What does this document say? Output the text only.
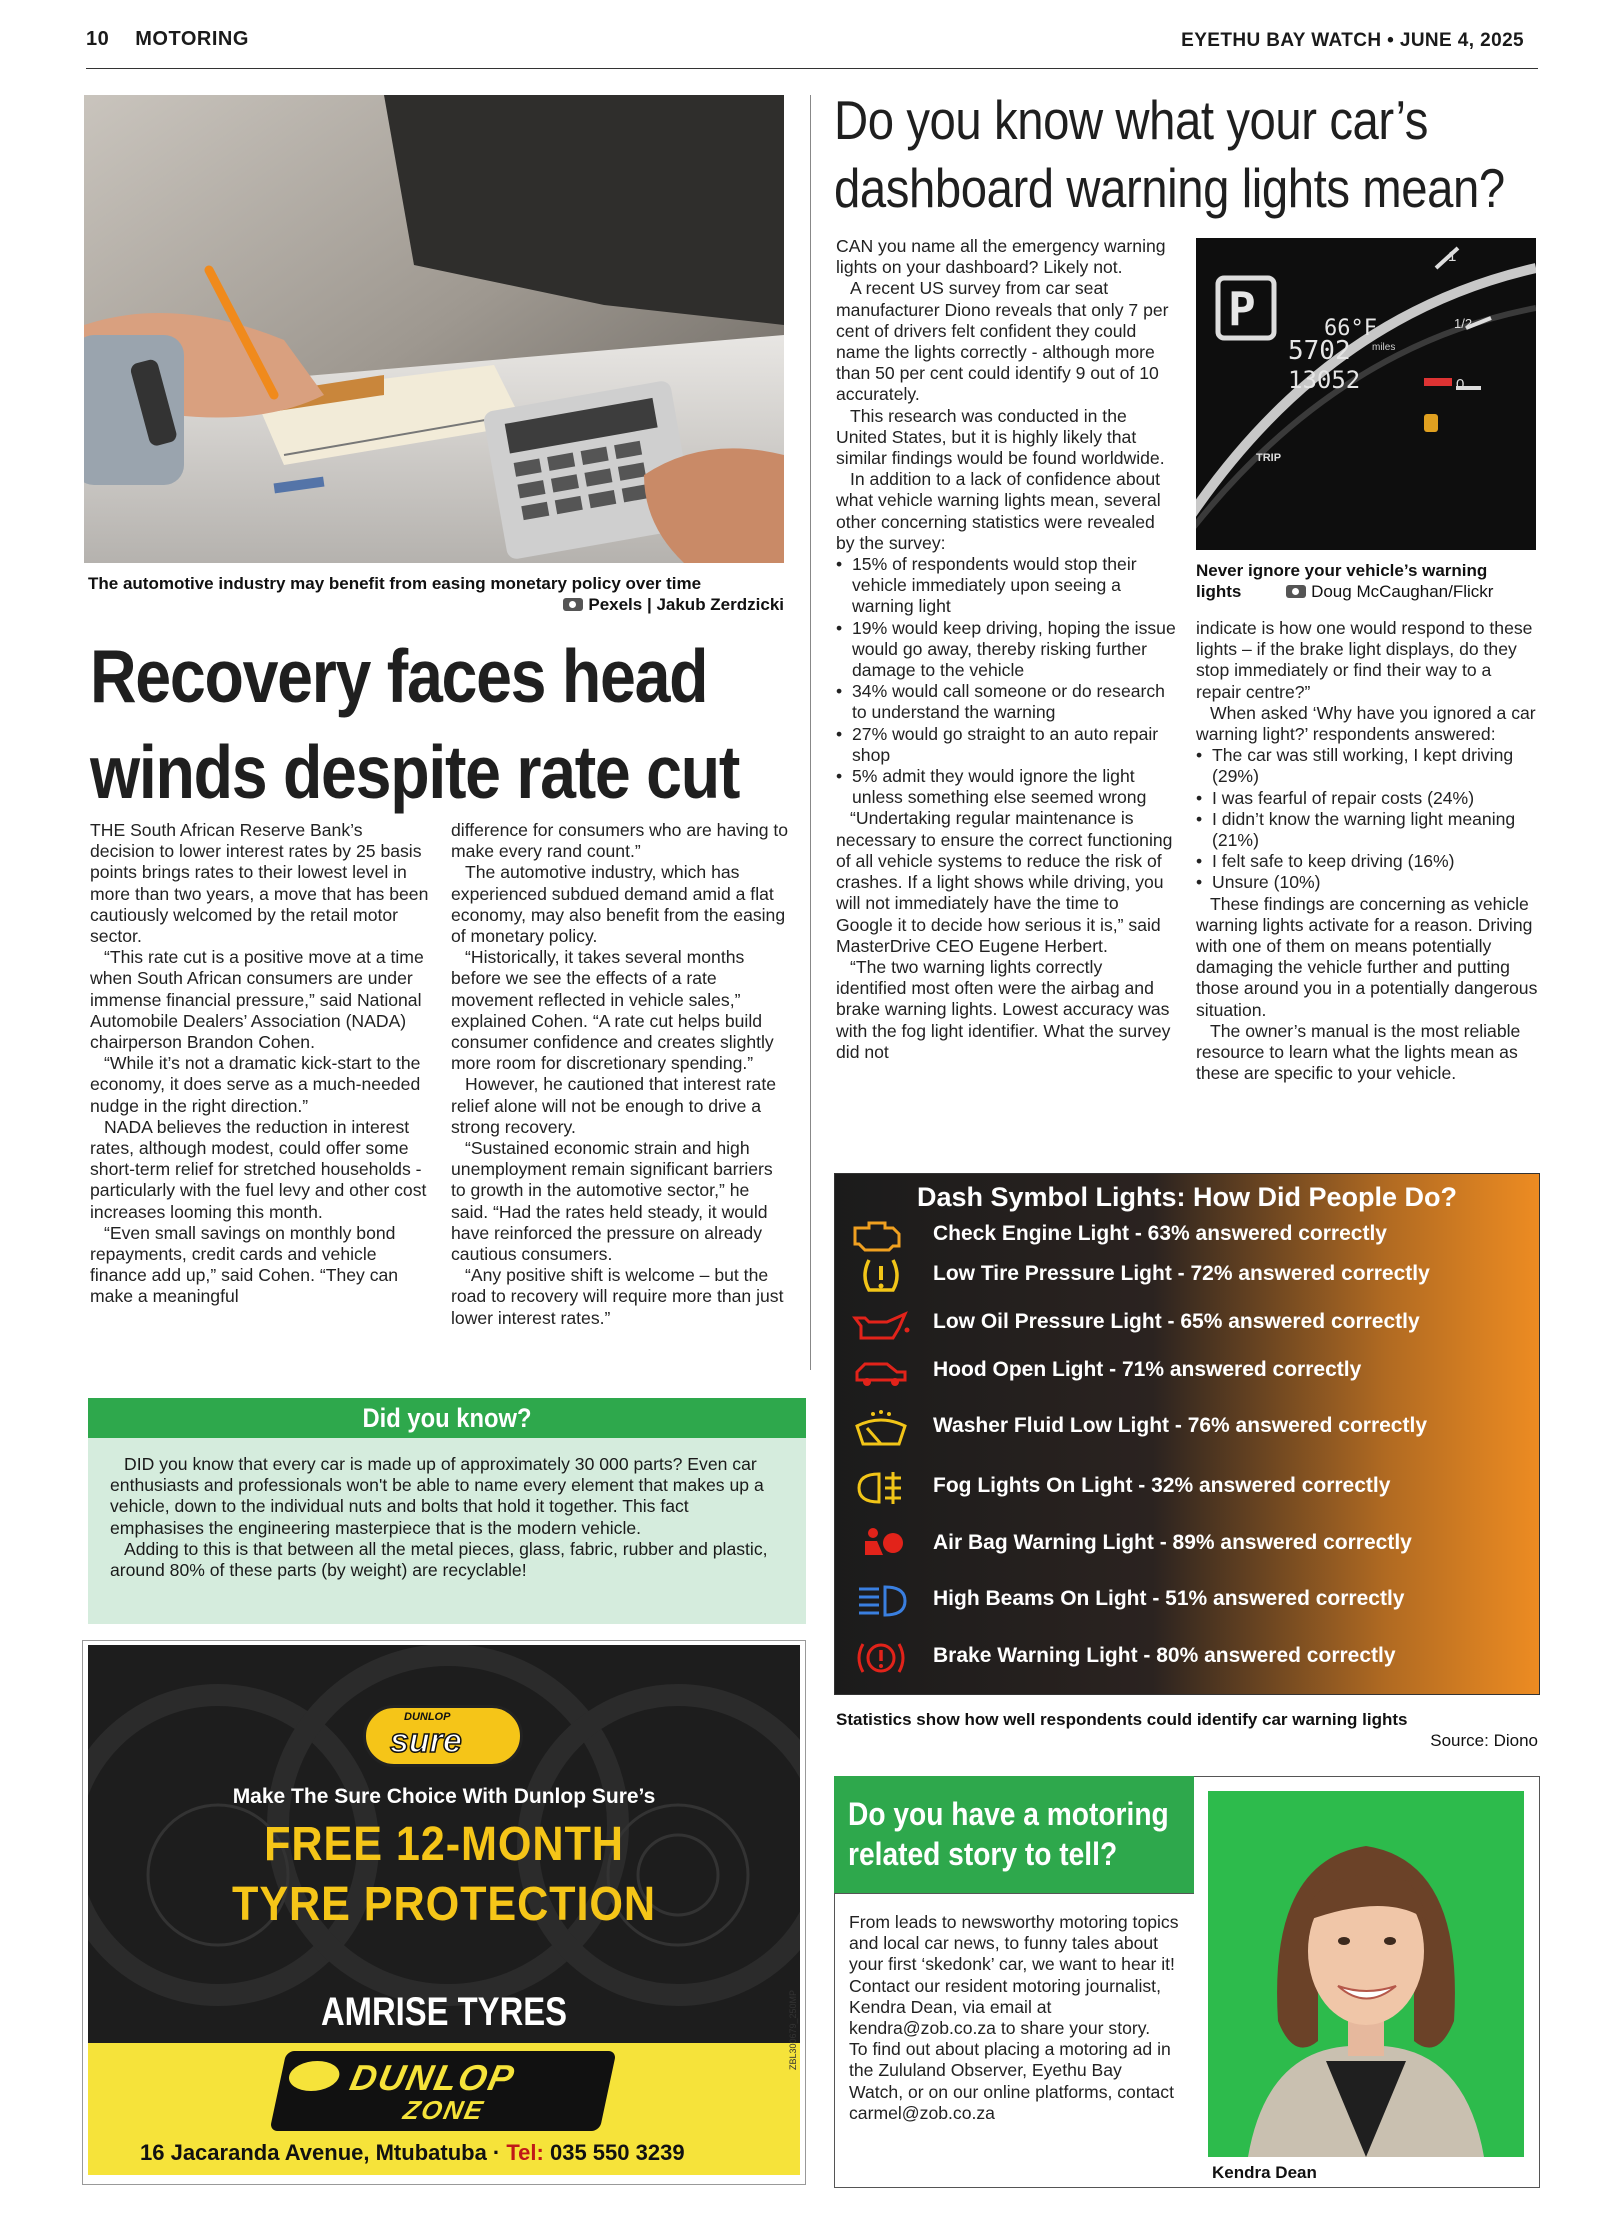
10 MOTORING	EYETHU BAY WATCH • JUNE 4, 2025
The automotive industry may benefit from easing monetary policy over time
Pexels | Jakub Zerdzicki
Recovery faces head
winds despite rate cut

THE South African Reserve Bank’s decision to lower interest rates by 25 basis points brings rates to their lowest level in more than two years, a move that has been cautiously welcomed by the retail motor sector.

“This rate cut is a positive move at a time when South African consumers are under immense financial pressure,” said National Automobile Dealers’ Association (NADA) chairperson Brandon Cohen.

“While it’s not a dramatic kick-start to the economy, it does serve as a much-needed nudge in the right direction.”

NADA believes the reduction in interest rates, although modest, could offer some short-term relief for stretched households - particularly with the fuel levy and other cost increases looming this month.

“Even small savings on monthly bond repayments, credit cards and vehicle finance add up,” said Cohen. “They can make a meaningful

difference for consumers who are having to make every rand count.”

The automotive industry, which has experienced subdued demand amid a flat economy, may also benefit from the easing of monetary policy.

“Historically, it takes several months before we see the effects of a rate movement reflected in vehicle sales,” explained Cohen. “A rate cut helps build consumer confidence and creates slightly more room for discretionary spending.”

However, he cautioned that interest rate relief alone will not be enough to drive a strong recovery.

“Sustained economic strain and high unemployment remain significant barriers to growth in the automotive sector,” he said. “Had the rates held steady, it would have reinforced the pressure on already cautious consumers.

“Any positive shift is welcome – but the road to recovery will require more than just lower interest rates.”

Did you know?

DID you know that every car is made up of approximately 30 000 parts? Even car enthusiasts and professionals won't be able to name every element that makes up a vehicle, down to the individual nuts and bolts that hold it together. This fact emphasises the engineering masterpiece that is the modern vehicle.

Adding to this is that between all the metal pieces, glass, fabric, rubber and plastic, around 80% of these parts (by weight) are recyclable!

DUNLOP
sure
Make The Sure Choice With Dunlop Sure’s
FREE 12-MONTH
TYRE PROTECTION
AMRISE TYRES
DUNLOP
ZONE
16 Jacaranda Avenue, Mtubatuba · Tel: 035 550 3239
ZBL300679_250MP
Do you know what your car’s
dashboard warning lights mean?

CAN you name all the emergency warning lights on your dashboard? Likely not.

A recent US survey from car seat manufacturer Diono reveals that only 7 per cent of drivers felt confident they could name the lights correctly - although more than 50 per cent could identify 9 out of 10 accurately.

This research was conducted in the United States, but it is highly likely that similar findings would be found worldwide.

In addition to a lack of confidence about what vehicle warning lights mean, several other concerning statistics were revealed by the survey:

• 15% of respondents would stop their vehicle immediately upon seeing a warning light
• 19% would keep driving, hoping the issue would go away, thereby risking further damage to the vehicle
• 34% would call someone or do research to understand the warning
• 27% would go straight to an auto repair shop
• 5% admit they would ignore the light unless something else seemed wrong

“Undertaking regular maintenance is necessary to ensure the correct functioning of all vehicle systems to reduce the risk of crashes. If a light shows while driving, you will not immediately have the time to Google it to decide how serious it is,” said MasterDrive CEO Eugene Herbert.

“The two warning lights correctly identified most often were the airbag and brake warning lights. Lowest accuracy was with the fog light identifier. What the survey did not

P	66°F
5702 miles
13052
TRIP
1
1/2
0
Never ignore your vehicle’s warning lights	Doug McCaughan/Flickr

indicate is how one would respond to these lights – if the brake light displays, do they stop immediately or find their way to a repair centre?”

When asked ‘Why have you ignored a car warning light?’ respondents answered:

• The car was still working, I kept driving (29%)
• I was fearful of repair costs (24%)
• I didn’t know the warning light meaning (21%)
• I felt safe to keep driving (16%)
• Unsure (10%)

These findings are concerning as vehicle warning lights activate for a reason. Driving with one of them on means potentially damaging the vehicle further and putting those around you in a potentially dangerous situation.

The owner’s manual is the most reliable resource to learn what the lights mean as these are specific to your vehicle.

Dash Symbol Lights: How Did People Do?
Check Engine Light - 63% answered correctly
Low Tire Pressure Light - 72% answered correctly
Low Oil Pressure Light - 65% answered correctly
Hood Open Light - 71% answered correctly
Washer Fluid Low Light - 76% answered correctly
Fog Lights On Light - 32% answered correctly
Air Bag Warning Light - 89% answered correctly
High Beams On Light - 51% answered correctly
Brake Warning Light - 80% answered correctly
Statistics show how well respondents could identify car warning lights
Source: Diono
Do you have a motoring
related story to tell?

From leads to newsworthy motoring topics and local car news, to funny tales about your first ‘skedonk’ car, we want to hear it! Contact our resident motoring journalist, Kendra Dean, via email at kendra@zob.co.za to share your story.

To find out about placing a motoring ad in the Zululand Observer, Eyethu Bay Watch, or on our online platforms, contact carmel@zob.co.za

Kendra Dean
